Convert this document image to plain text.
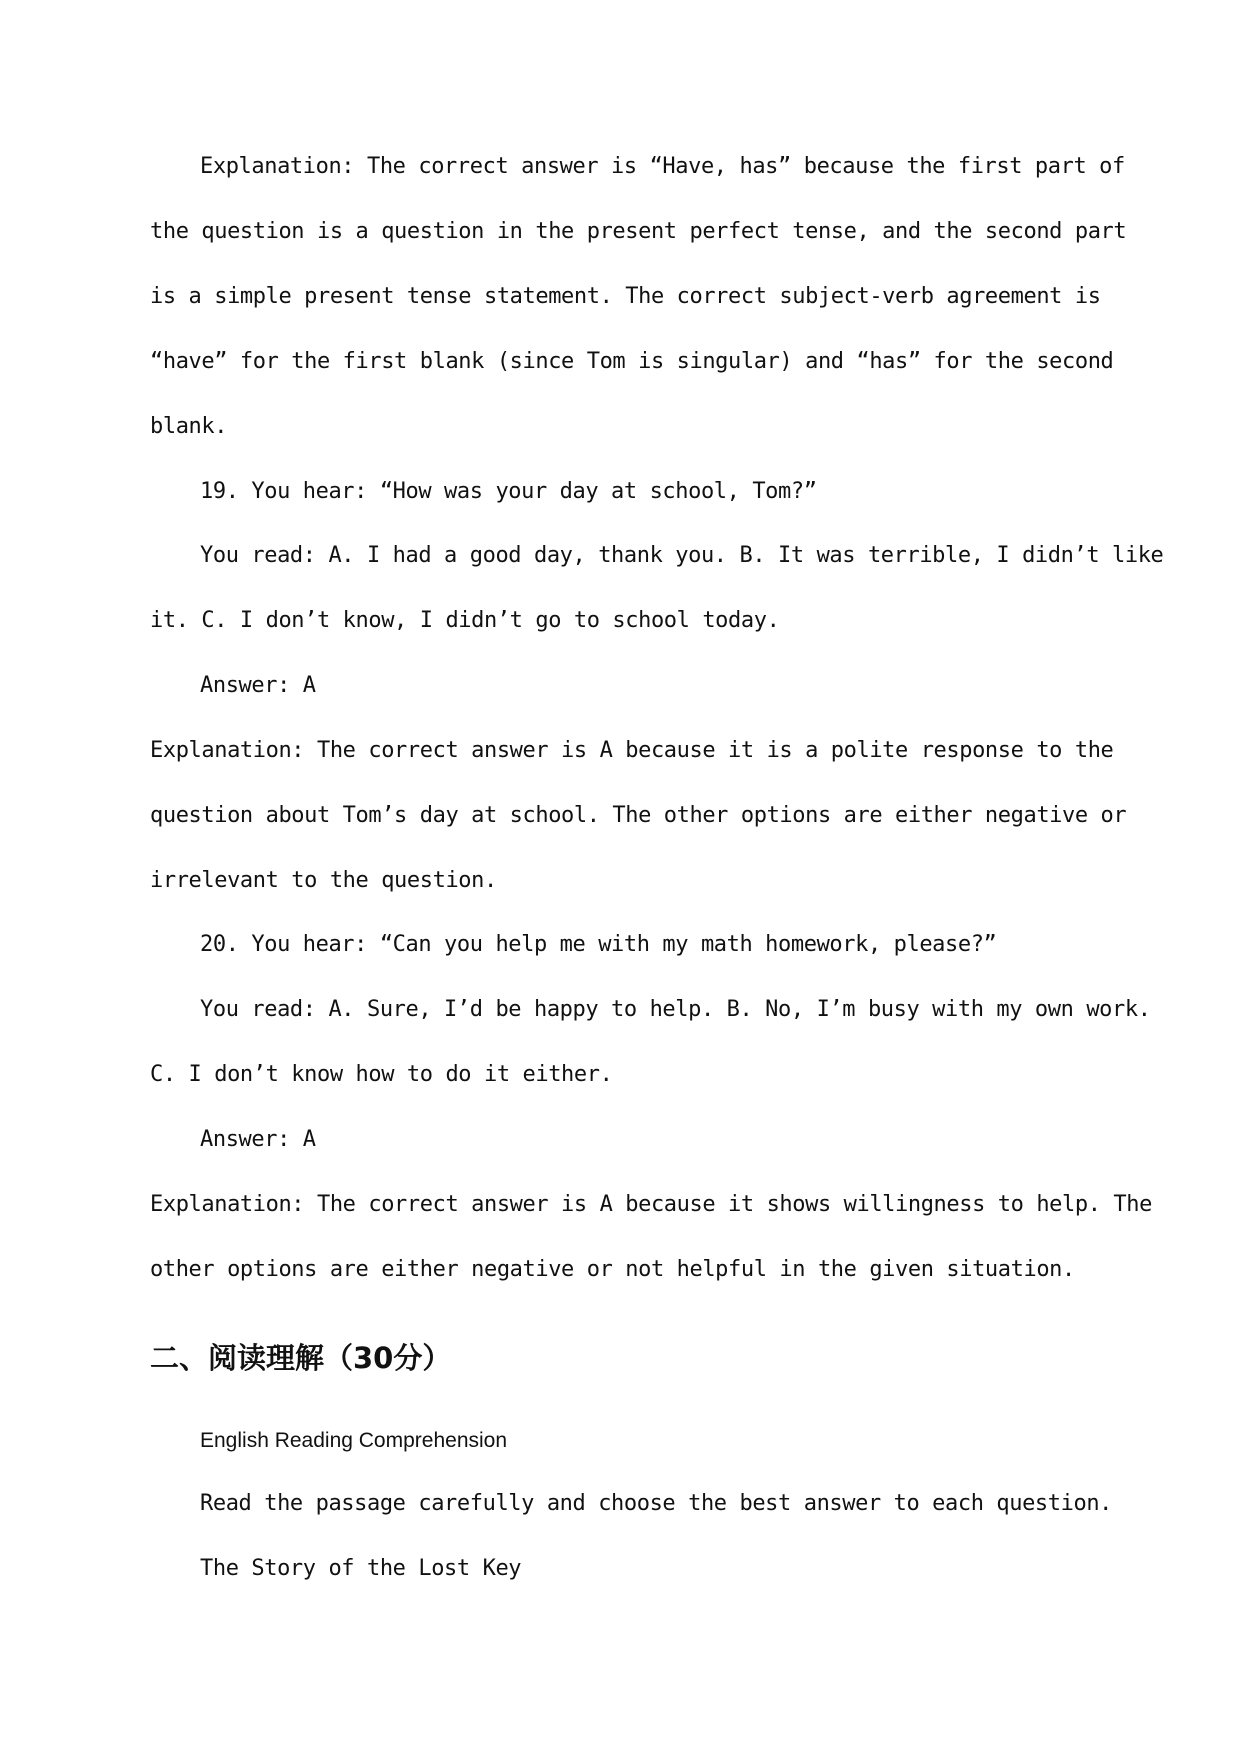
Explanation: The correct answer is “Have, has” because the first part of
the question is a question in the present perfect tense, and the second part
is a simple present tense statement. The correct subject-verb agreement is
“have” for the first blank (since Tom is singular) and “has” for the second
blank.
19. You hear: “How was your day at school, Tom?”
You read: A. I had a good day, thank you. B. It was terrible, I didn’t like
it. C. I don’t know, I didn’t go to school today.
Answer: A
Explanation: The correct answer is A because it is a polite response to the
question about Tom’s day at school. The other options are either negative or
irrelevant to the question.
20. You hear: “Can you help me with my math homework, please?”
You read: A. Sure, I’d be happy to help. B. No, I’m busy with my own work.
C. I don’t know how to do it either.
Answer: A
Explanation: The correct answer is A because it shows willingness to help. The
other options are either negative or not helpful in the given situation.
二、阅读理解（30分）
English Reading Comprehension
Read the passage carefully and choose the best answer to each question.
The Story of the Lost Key
